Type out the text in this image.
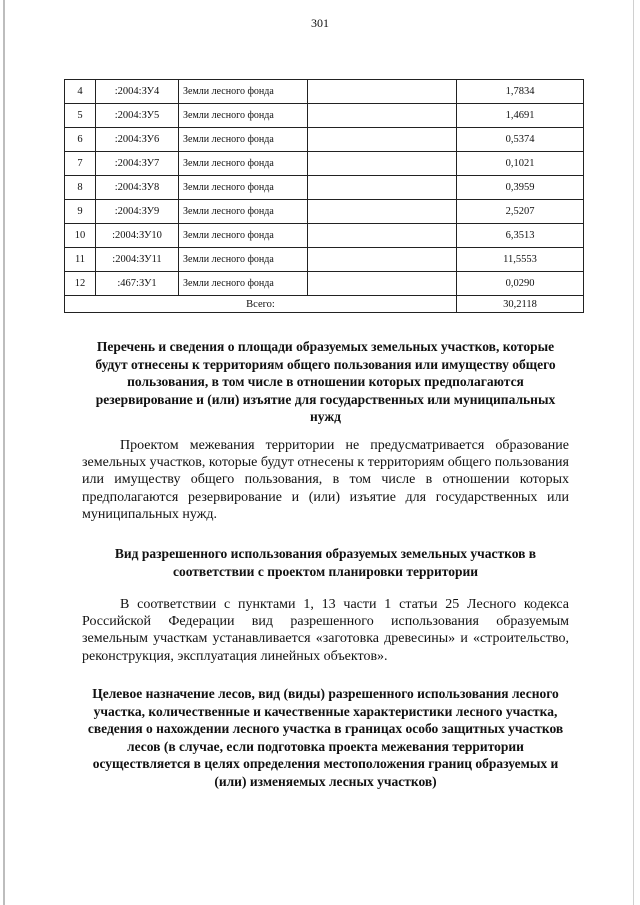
301
4	:2004:ЗУ4	Земли лесного фонда		1,7834
5	:2004:ЗУ5	Земли лесного фонда		1,4691
6	:2004:ЗУ6	Земли лесного фонда		0,5374
7	:2004:ЗУ7	Земли лесного фонда		0,1021
8	:2004:ЗУ8	Земли лесного фонда		0,3959
9	:2004:ЗУ9	Земли лесного фонда		2,5207
10	:2004:ЗУ10	Земли лесного фонда		6,3513
11	:2004:ЗУ11	Земли лесного фонда		11,5553
12	:467:ЗУ1	Земли лесного фонда		0,0290
Всего:				30,2118
Перечень и сведения о площади образуемых земельных участков, которые будут отнесены к территориям общего пользования или имуществу общего пользования, в том числе в отношении которых предполагаются резервирование и (или) изъятие для государственных или муниципальных нужд
Проектом межевания территории не предусматривается образование земельных участков, которые будут отнесены к территориям общего пользования или имуществу общего пользования, в том числе в отношении которых предполагаются резервирование и (или) изъятие для государственных или муниципальных нужд.
Вид разрешенного использования образуемых земельных участков в соответствии с проектом планировки территории
В соответствии с пунктами 1, 13 части 1 статьи 25 Лесного кодекса Российской Федерации вид разрешенного использования образуемым земельным участкам устанавливается «заготовка древесины» и «строительство, реконструкция, эксплуатация линейных объектов».
Целевое назначение лесов, вид (виды) разрешенного использования лесного участка, количественные и качественные характеристики лесного участка, сведения о нахождении лесного участка в границах особо защитных участков лесов (в случае, если подготовка проекта межевания территории осуществляется в целях определения местоположения границ образуемых и (или) изменяемых лесных участков)
